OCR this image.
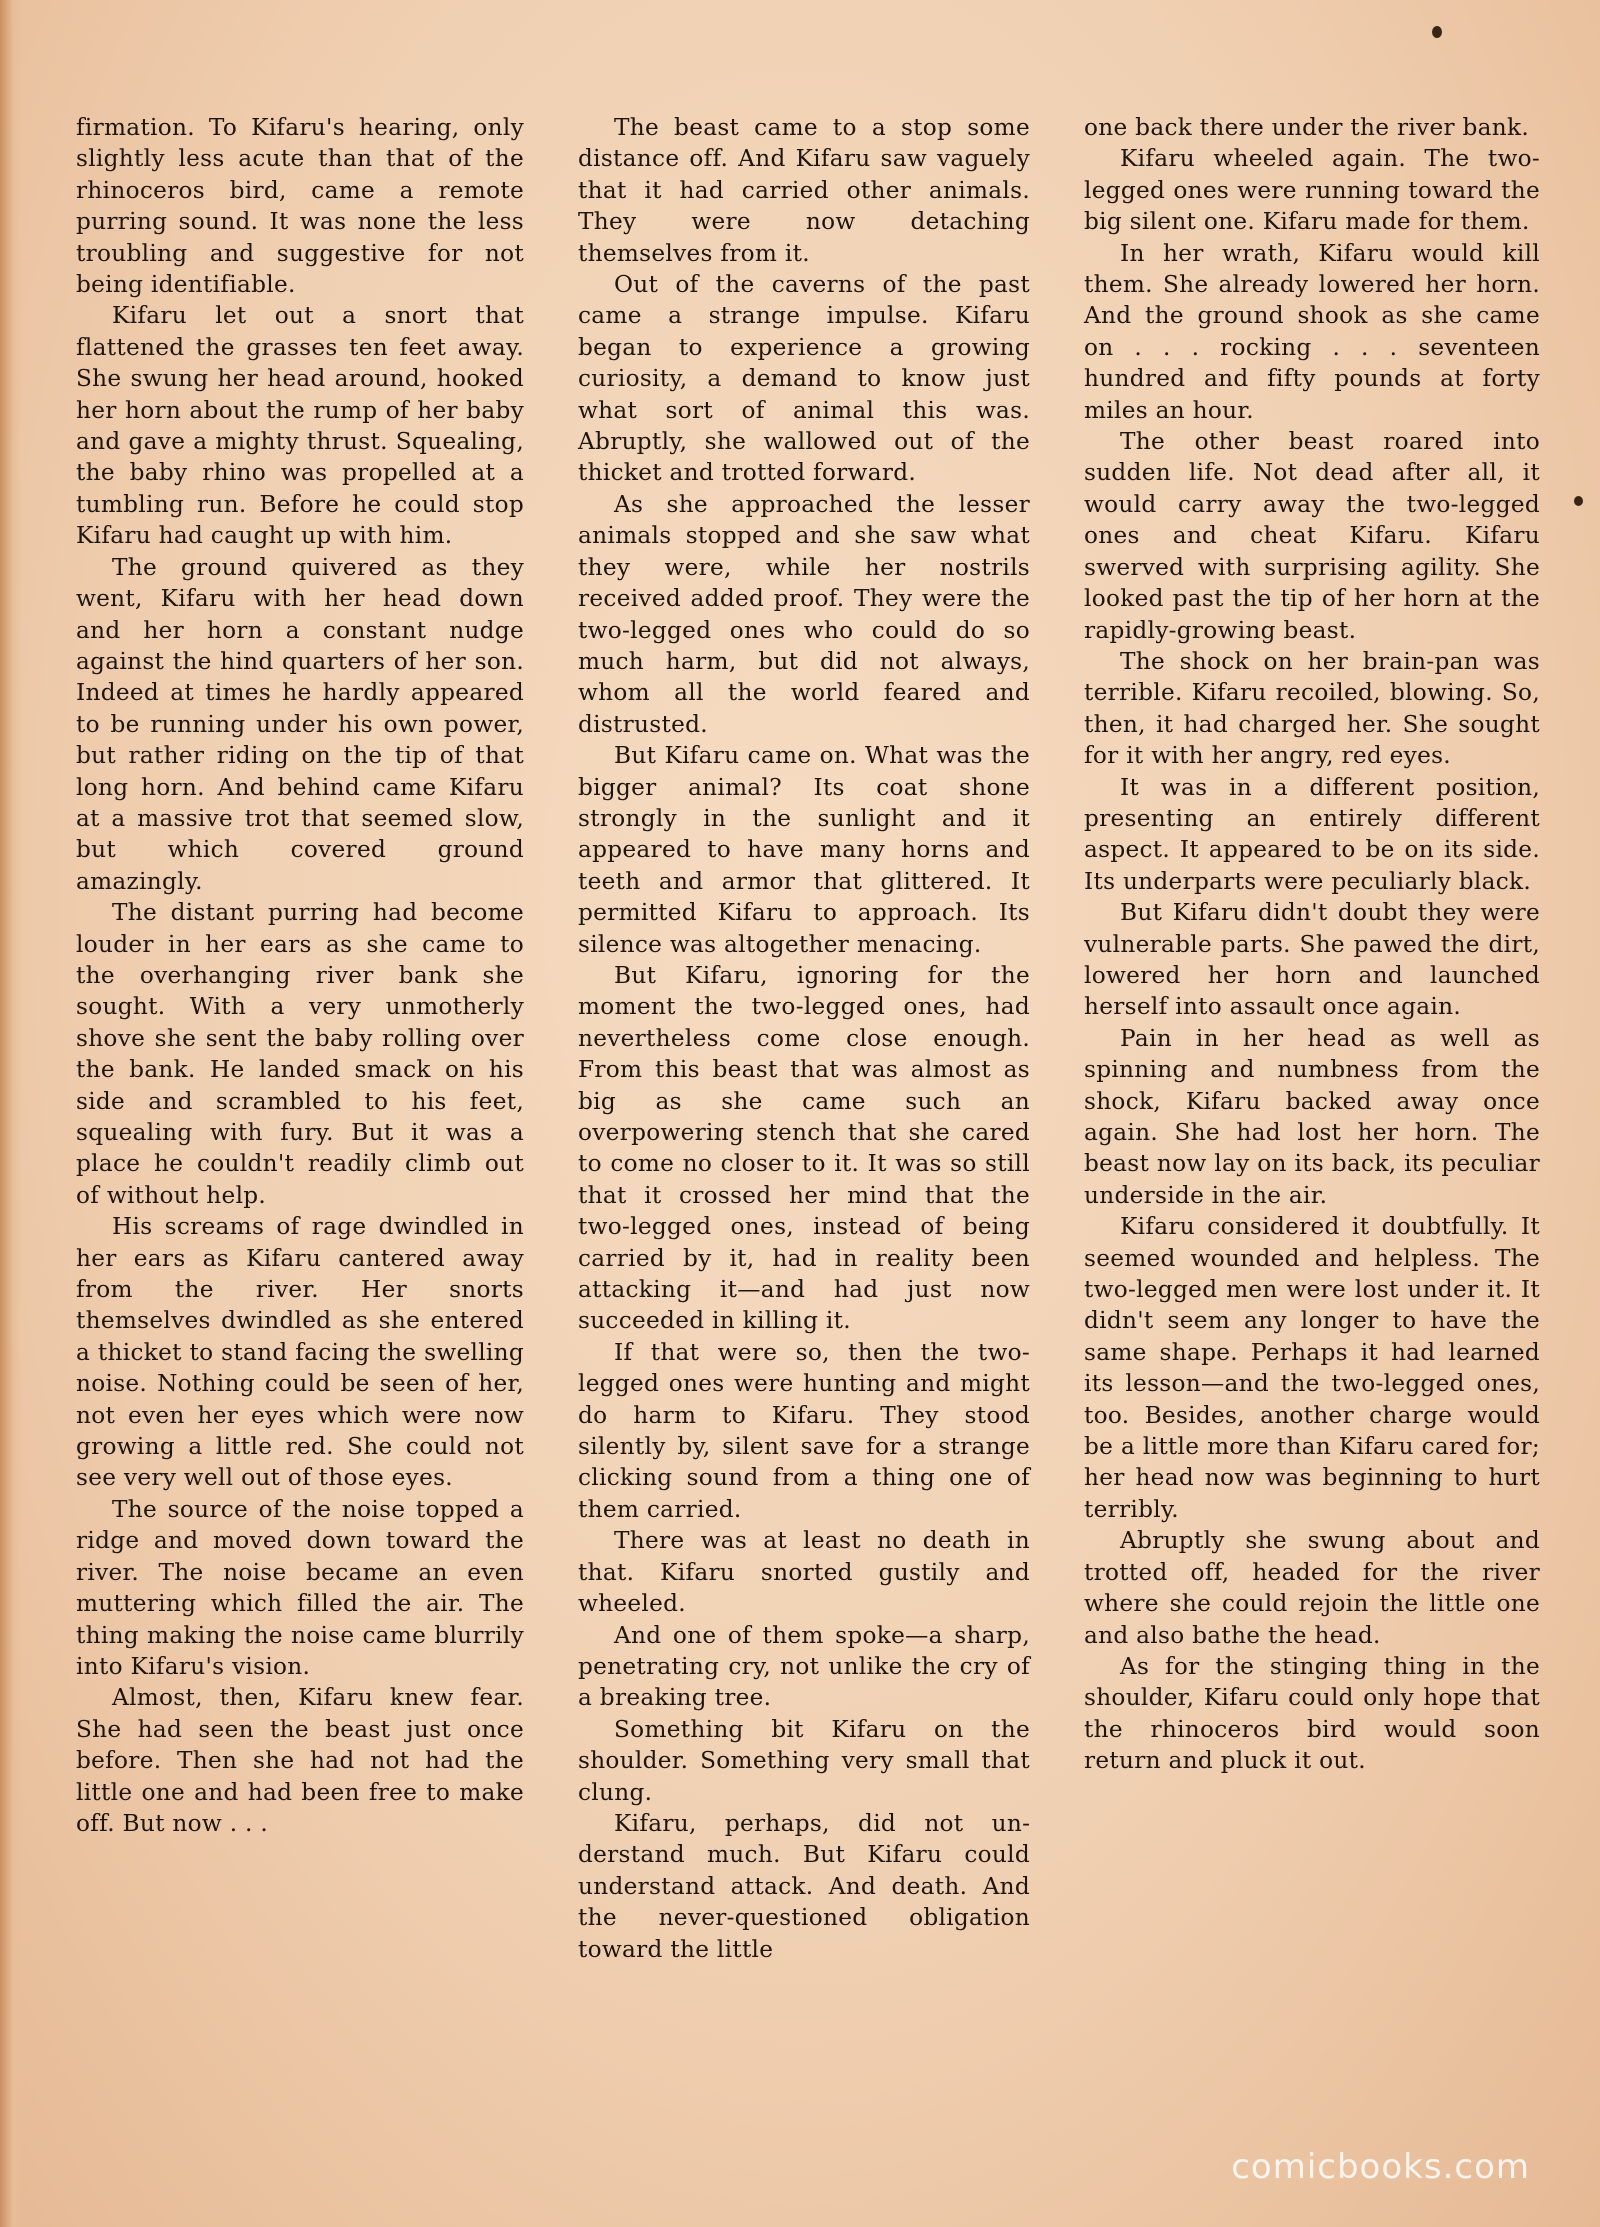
firmation. To Kifaru's hearing, only slightly less acute than that of the rhinoceros bird, came a remote purring sound. It was none the less troubling and suggestive for not being identifiable.

Kifaru let out a snort that flattened the grasses ten feet away. She swung her head around, hooked her horn about the rump of her baby and gave a mighty thrust. Squealing, the baby rhino was propelled at a tumbling run. Before he could stop Kifaru had caught up with him.

The ground quivered as they went, Kifaru with her head down and her horn a constant nudge against the hind quarters of her son. Indeed at times he hardly appeared to be running under his own power, but rather riding on the tip of that long horn. And behind came Kifaru at a massive trot that seemed slow, but which covered ground amazingly.

The distant purring had become louder in her ears as she came to the overhanging river bank she sought. With a very unmotherly shove she sent the baby rolling over the bank. He landed smack on his side and scrambled to his feet, squealing with fury. But it was a place he couldn't readily climb out of without help.

His screams of rage dwindled in her ears as Kifaru cantered away from the river. Her snorts themselves dwindled as she entered a thicket to stand facing the swelling noise. Nothing could be seen of her, not even her eyes which were now growing a little red. She could not see very well out of those eyes.

The source of the noise topped a ridge and moved down toward the river. The noise became an even muttering which filled the air. The thing making the noise came blurrily into Kifaru's vision.

Almost, then, Kifaru knew fear. She had seen the beast just once before. Then she had not had the little one and had been free to make off. But now . . .

The beast came to a stop some distance off. And Kifaru saw vaguely that it had carried other animals. They were now detaching themselves from it.

Out of the caverns of the past came a strange impulse. Kifaru began to experience a growing curiosity, a demand to know just what sort of animal this was. Abruptly, she wallowed out of the thicket and trotted forward.

As she approached the lesser animals stopped and she saw what they were, while her nostrils received added proof. They were the two-legged ones who could do so much harm, but did not always, whom all the world feared and distrusted.

But Kifaru came on. What was the bigger animal? Its coat shone strongly in the sunlight and it appeared to have many horns and teeth and armor that glittered. It permitted Kifaru to approach. Its silence was altogether menacing.

But Kifaru, ignoring for the moment the two-legged ones, had nevertheless come close enough. From this beast that was almost as big as she came such an overpowering stench that she cared to come no closer to it. It was so still that it crossed her mind that the two-legged ones, instead of being carried by it, had in reality been attacking it—and had just now succeeded in killing it.

If that were so, then the two-legged ones were hunting and might do harm to Kifaru. They stood silently by, silent save for a strange clicking sound from a thing one of them carried.

There was at least no death in that. Kifaru snorted gustily and wheeled.

And one of them spoke—a sharp, penetrating cry, not unlike the cry of a breaking tree.

Something bit Kifaru on the shoulder. Something very small that clung.

Kifaru, perhaps, did not understand much. But Kifaru could understand attack. And death. And the never-questioned obligation toward the little

one back there under the river bank.

Kifaru wheeled again. The two-legged ones were running toward the big silent one. Kifaru made for them.

In her wrath, Kifaru would kill them. She already lowered her horn. And the ground shook as she came on . . . rocking . . . seventeen hundred and fifty pounds at forty miles an hour.

The other beast roared into sudden life. Not dead after all, it would carry away the two-legged ones and cheat Kifaru. Kifaru swerved with surprising agility. She looked past the tip of her horn at the rapidly-growing beast.

The shock on her brain-pan was terrible. Kifaru recoiled, blowing. So, then, it had charged her. She sought for it with her angry, red eyes.

It was in a different position, presenting an entirely different aspect. It appeared to be on its side. Its underparts were peculiarly black.

But Kifaru didn't doubt they were vulnerable parts. She pawed the dirt, lowered her horn and launched herself into assault once again.

Pain in her head as well as spinning and numbness from the shock, Kifaru backed away once again. She had lost her horn. The beast now lay on its back, its peculiar underside in the air.

Kifaru considered it doubtfully. It seemed wounded and helpless. The two-legged men were lost under it. It didn't seem any longer to have the same shape. Perhaps it had learned its lesson—and the two-legged ones, too. Besides, another charge would be a little more than Kifaru cared for; her head now was beginning to hurt terribly.

Abruptly she swung about and trotted off, headed for the river where she could rejoin the little one and also bathe the head.

As for the stinging thing in the shoulder, Kifaru could only hope that the rhinoceros bird would soon return and pluck it out.

comicbooks.com
